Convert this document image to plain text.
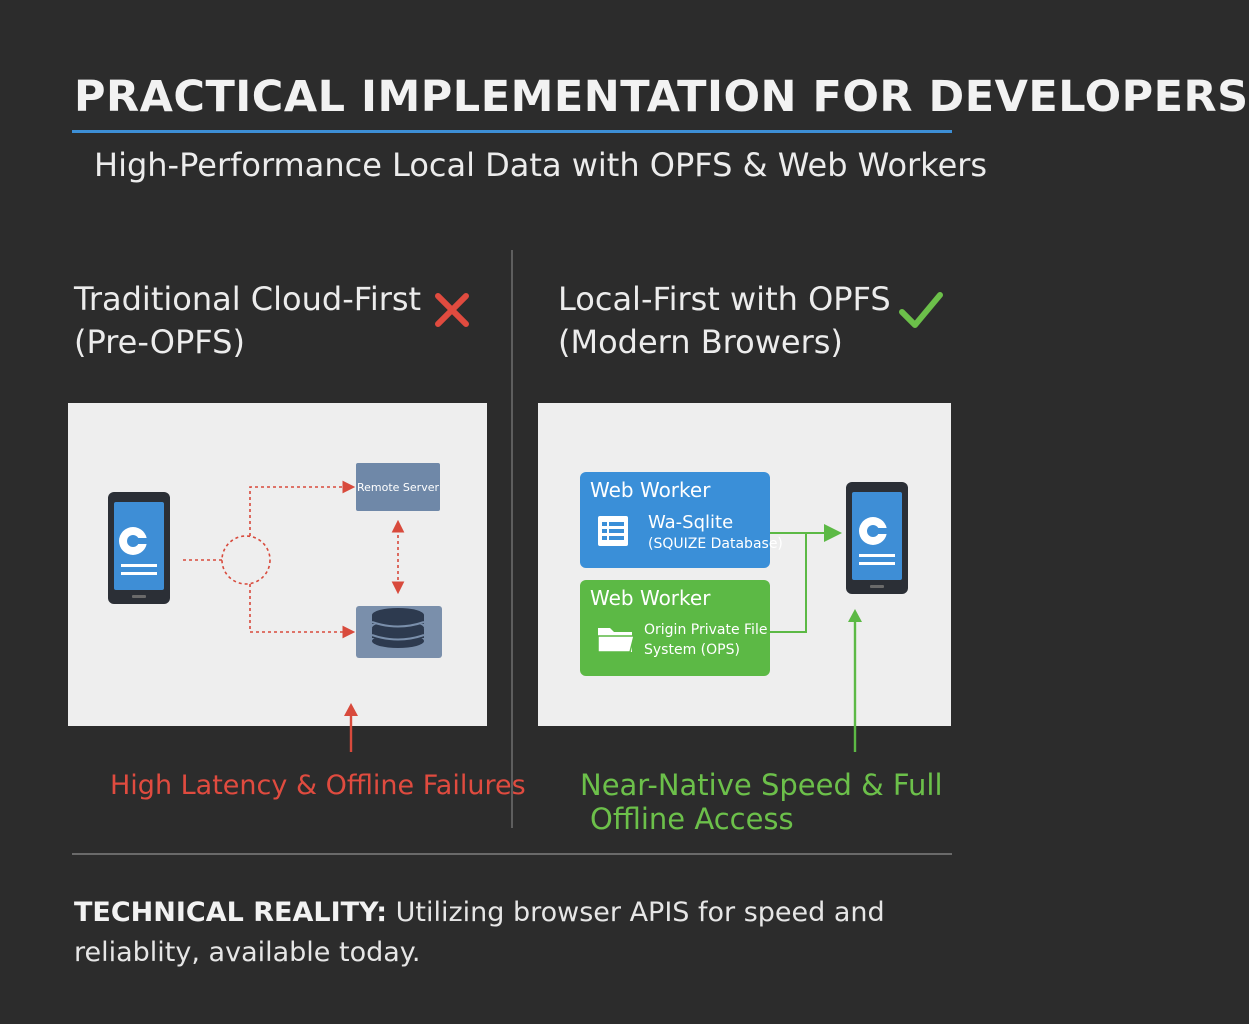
PRACTICAL IMPLEMENTATION FOR DEVELOPERS
High-Performance Local Data with OPFS & Web Workers
Traditional Cloud-First
(Pre-OPFS)
Local-First with OPFS
(Modern Browers)
Remote Server	Web Worker
Wa-Sqlite
(SQUIZE Database)
Web Worker
Origin Private File
System (OPS)
High Latency & Offline Failures Near-Native Speed & Full
Offline Access
TECHNICAL REALITY: Utilizing browser APIS for speed and reliablity, available today.
